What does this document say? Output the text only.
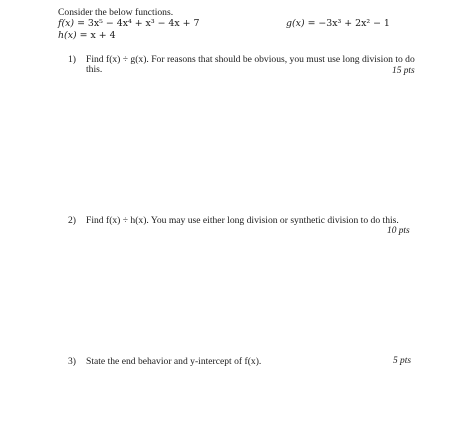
Consider the below functions.
f(x) = 3x⁵ − 4x⁴ + x³ − 4x + 7	g(x) = −3x³ + 2x² − 1
h(x) = x + 4
1) Find f(x) ÷ g(x). For reasons that should be obvious, you must use long division to do
this.	15 pts
2) Find f(x) ÷ h(x). You may use either long division or synthetic division to do this.
10 pts
3) State the end behavior and y-intercept of f(x).	5 pts
